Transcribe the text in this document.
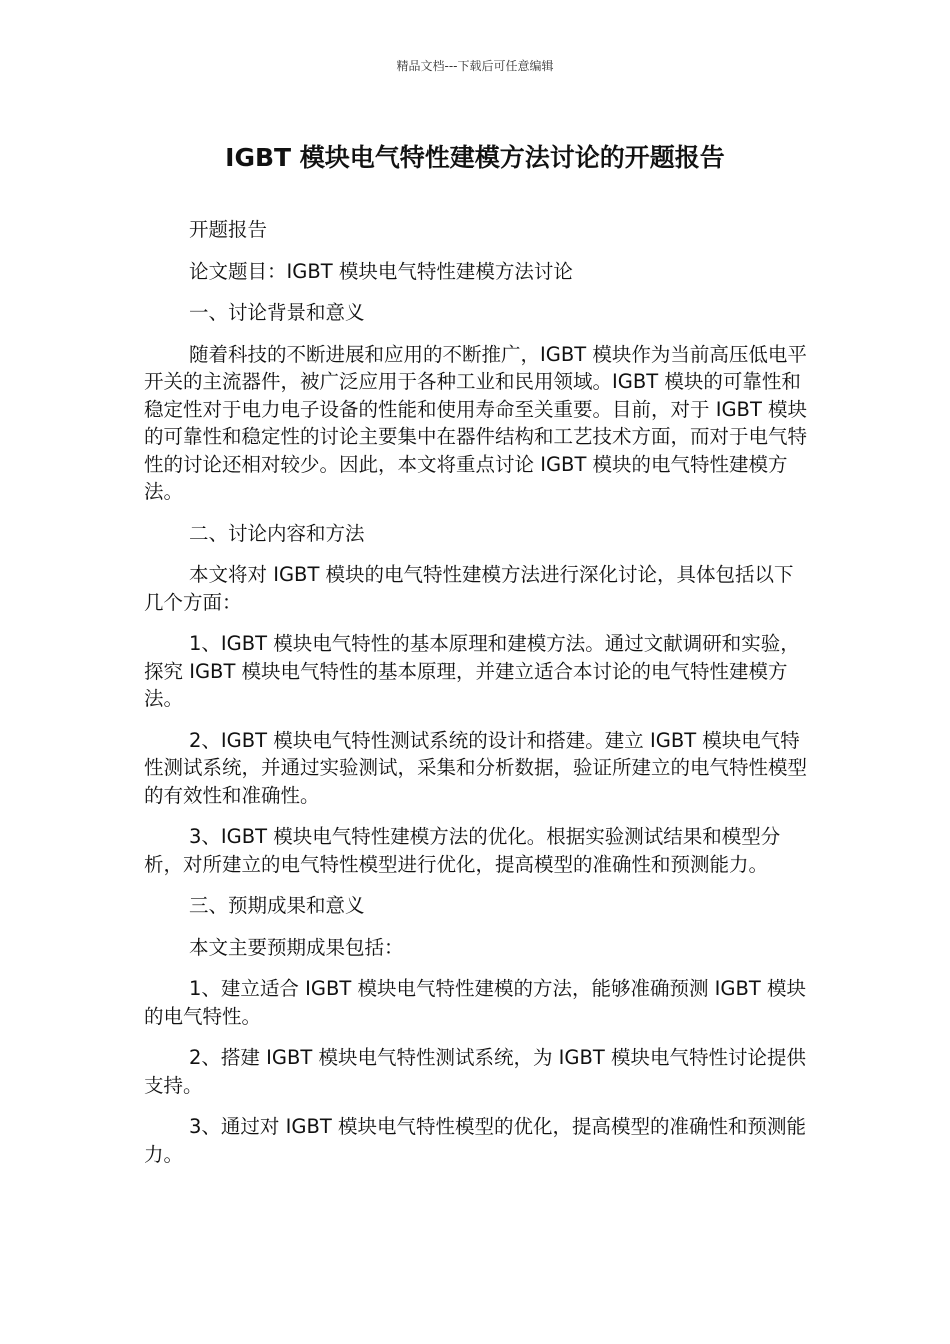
精品文档---下载后可任意编辑
IGBT 模块电气特性建模方法讨论的开题报告

开题报告

论文题目：IGBT 模块电气特性建模方法讨论

一、讨论背景和意义

随着科技的不断进展和应用的不断推广，IGBT 模块作为当前高压低电平开关的主流器件，被广泛应用于各种工业和民用领域。IGBT 模块的可靠性和稳定性对于电力电子设备的性能和使用寿命至关重要。目前，对于 IGBT 模块的可靠性和稳定性的讨论主要集中在器件结构和工艺技术方面，而对于电气特性的讨论还相对较少。因此，本文将重点讨论 IGBT 模块的电气特性建模方法。

二、讨论内容和方法

本文将对 IGBT 模块的电气特性建模方法进行深化讨论，具体包括以下几个方面：

1、IGBT 模块电气特性的基本原理和建模方法。通过文献调研和实验，探究 IGBT 模块电气特性的基本原理，并建立适合本讨论的电气特性建模方法。

2、IGBT 模块电气特性测试系统的设计和搭建。建立 IGBT 模块电气特性测试系统，并通过实验测试，采集和分析数据，验证所建立的电气特性模型的有效性和准确性。

3、IGBT 模块电气特性建模方法的优化。根据实验测试结果和模型分析，对所建立的电气特性模型进行优化，提高模型的准确性和预测能力。

三、预期成果和意义

本文主要预期成果包括：

1、建立适合 IGBT 模块电气特性建模的方法，能够准确预测 IGBT 模块的电气特性。

2、搭建 IGBT 模块电气特性测试系统，为 IGBT 模块电气特性讨论提供支持。

3、通过对 IGBT 模块电气特性模型的优化，提高模型的准确性和预测能力。
